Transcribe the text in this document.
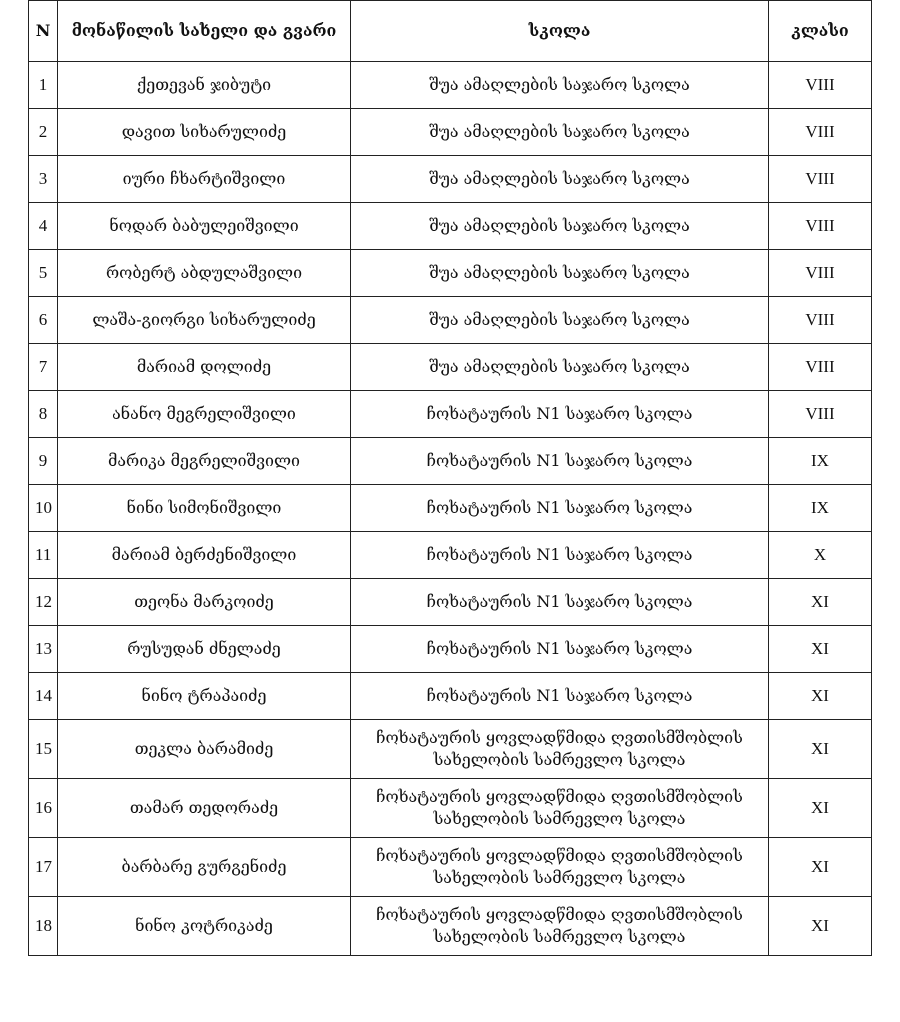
N	მონაწილის სახელი და გვარი	სკოლა	კლასი
1	ქეთევან ჯიბუტი	შუა ამაღლების საჯარო სკოლა	VIII
2	დავით სიხარულიძე	შუა ამაღლების საჯარო სკოლა	VIII
3	იური ჩხარტიშვილი	შუა ამაღლების საჯარო სკოლა	VIII
4	ნოდარ ბაბულეიშვილი	შუა ამაღლების საჯარო სკოლა	VIII
5	რობერტ აბდულაშვილი	შუა ამაღლების საჯარო სკოლა	VIII
6	ლაშა-გიორგი სიხარულიძე	შუა ამაღლების საჯარო სკოლა	VIII
7	მარიამ დოლიძე	შუა ამაღლების საჯარო სკოლა	VIII
8	ანანო მეგრელიშვილი	ჩოხატაურის N1 საჯარო სკოლა	VIII
9	მარიკა მეგრელიშვილი	ჩოხატაურის N1 საჯარო სკოლა	IX
10	ნინი სიმონიშვილი	ჩოხატაურის N1 საჯარო სკოლა	IX
11	მარიამ ბერძენიშვილი	ჩოხატაურის N1 საჯარო სკოლა	X
12	თეონა მარკოიძე	ჩოხატაურის N1 საჯარო სკოლა	XI
13	რუსუდან ძნელაძე	ჩოხატაურის N1 საჯარო სკოლა	XI
14	ნინო ტრაპაიძე	ჩოხატაურის N1 საჯარო სკოლა	XI
15	თეკლა ბარამიძე	ჩოხატაურის ყოვლადწმიდა ღვთისმშობლის სახელობის სამრევლო სკოლა	XI
16	თამარ თედორაძე	ჩოხატაურის ყოვლადწმიდა ღვთისმშობლის სახელობის სამრევლო სკოლა	XI
17	ბარბარე გურგენიძე	ჩოხატაურის ყოვლადწმიდა ღვთისმშობლის სახელობის სამრევლო სკოლა	XI
18	ნინო კოტრიკაძე	ჩოხატაურის ყოვლადწმიდა ღვთისმშობლის სახელობის სამრევლო სკოლა	XI
